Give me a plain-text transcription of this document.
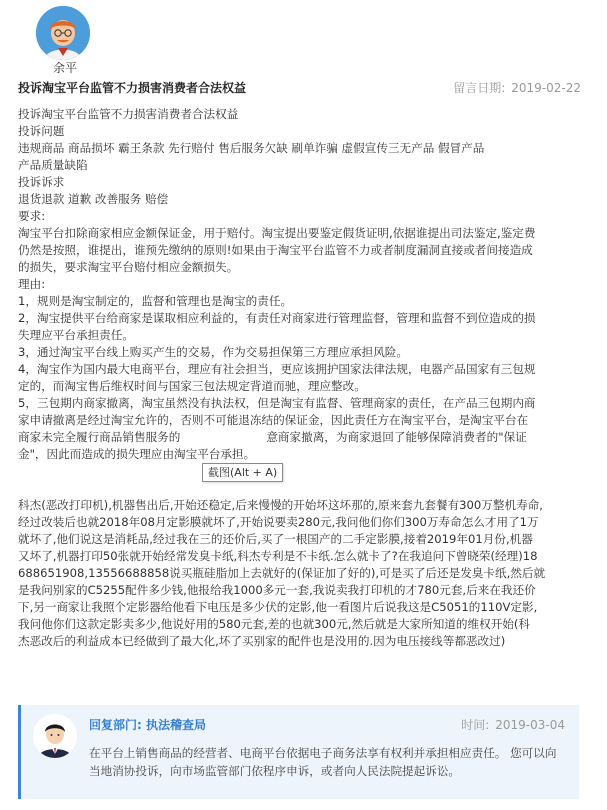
余平
投诉淘宝平台监管不力损害消费者合法权益	留言日期: 2019-02-22
投诉淘宝平台监管不力损害消费者合法权益
投诉问题
违规商品 商品损坏 霸王条款 先行赔付 售后服务欠缺 刷单诈骗 虚假宣传三无产品 假冒产品
产品质量缺陷
投诉诉求
退货退款 道歉 改善服务 赔偿
要求:
淘宝平台扣除商家相应金额保证金，用于赔付。淘宝提出要鉴定假货证明,依据谁提出司法鉴定,鉴定费
仍然是按照，谁提出，谁预先缴纳的原则!如果由于淘宝平台监管不力或者制度漏洞直接或者间接造成
的损失，要求淘宝平台赔付相应金额损失。
理由:
1，规则是淘宝制定的，监督和管理也是淘宝的责任。
2，淘宝提供平台给商家是谋取相应利益的，有责任对商家进行管理监督，管理和监督不到位造成的损
失理应平台承担责任。
3，通过淘宝平台线上购买产生的交易，作为交易担保第三方理应承担风险。
4，淘宝作为国内最大电商平台，理应有社会担当，更应该拥护国家法律法规，电器产品国家有三包规
定的，而淘宝售后维权时间与国家三包法规定背道而驰，理应整改。
5，三包期内商家撤离，淘宝虽然没有执法权，但是淘宝有监督、管理商家的责任，在产品三包期内商
家申请撤离是经过淘宝允许的，否则不可能退冻结的保证金，因此责任方在淘宝平台，是淘宝平台在
商家未完全履行商品销售服务的	意商家撤离，为商家退回了能够保障消费者的"保证
金"，因此而造成的损失理应由淘宝平台承担。
科杰(恶改打印机),机器售出后,开始还稳定,后来慢慢的开始坏这坏那的,原来套九套餐有300万整机寿命,
经过改装后也就2018年08月定影膜就坏了,开始说要卖280元,我问他们你们300万寿命怎么才用了1万
就坏了,他们说这是消耗品,经过我在三的还价后,买了一根国产的二手定影膜,接着2019年01月份,机器
又坏了,机器打印50张就开始经常发臭卡纸,科杰专利是不卡纸.怎么就卡了?在我追问下曾晓荣(经理)18
688651908,13556688858说买瓶硅脂加上去就好的(保证加了好的),可是买了后还是发臭卡纸,然后就
是我问别家的C5255配件多少钱,他报给我1000多元一套,我说卖我打印机的才780元套,后来在我还价
下,另一商家让我照个定影器给他看下电压是多少伏的定影,他一看图片后说我这是C5051的110V定影,
我问他你们这款定影卖多少,他说好用的580元套,差的也就300元,然后就是大家所知道的维权开始(科
杰恶改后的利益成本已经做到了最大化,坏了买别家的配件也是没用的.因为电压接线等都恶改过)
截图(Alt + A)
回复部门: 执法稽查局	时间: 2019-03-04
在平台上销售商品的经营者、电商平台依据电子商务法享有权利并承担相应责任。 您可以向当地消协投诉，向市场监管部门依程序申诉，或者向人民法院提起诉讼。
